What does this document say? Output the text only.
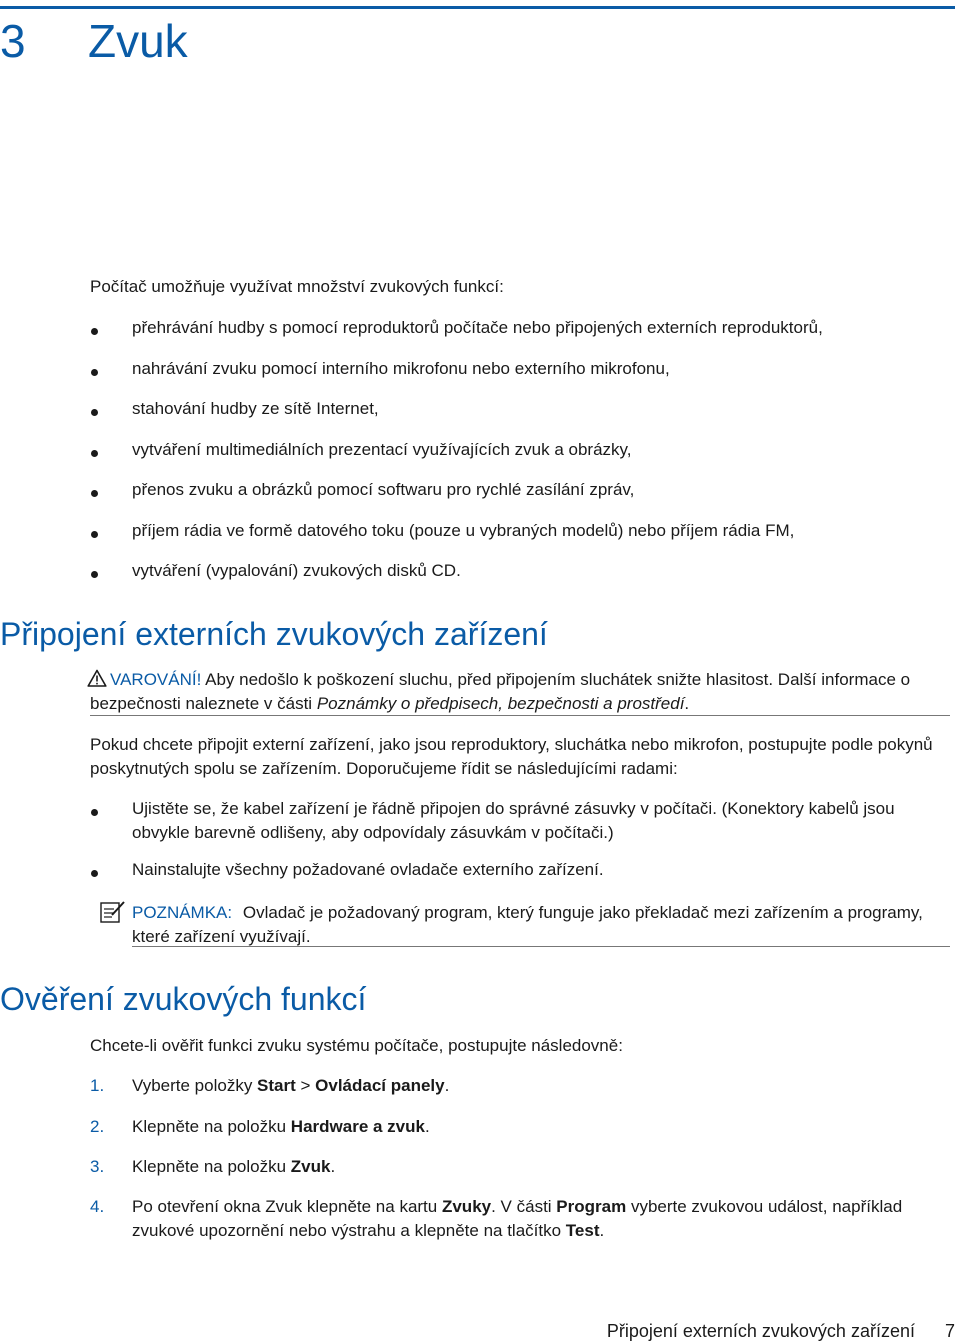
3 Zvuk

Počítač umožňuje využívat množství zvukových funkcí:

přehrávání hudby s pomocí reproduktorů počítače nebo připojených externích reproduktorů,
nahrávání zvuku pomocí interního mikrofonu nebo externího mikrofonu,
stahování hudby ze sítě Internet,
vytváření multimediálních prezentací využívajících zvuk a obrázky,
přenos zvuku a obrázků pomocí softwaru pro rychlé zasílání zpráv,
příjem rádia ve formě datového toku (pouze u vybraných modelů) nebo příjem rádia FM,
vytváření (vypalování) zvukových disků CD.
Připojení externích zvukových zařízení
VAROVÁNÍ! Aby nedošlo k poškození sluchu, před připojením sluchátek snižte hlasitost. Další informace o bezpečnosti naleznete v části Poznámky o předpisech, bezpečnosti a prostředí.

Pokud chcete připojit externí zařízení, jako jsou reproduktory, sluchátka nebo mikrofon, postupujte podle pokynů poskytnutých spolu se zařízením. Doporučujeme řídit se následujícími radami:

Ujistěte se, že kabel zařízení je řádně připojen do správné zásuvky v počítači. (Konektory kabelů jsou obvykle barevně odlišeny, aby odpovídaly zásuvkám v počítači.)
Nainstalujte všechny požadované ovladače externího zařízení.
POZNÁMKA: Ovladač je požadovaný program, který funguje jako překladač mezi zařízením a programy, které zařízení využívají.
Ověření zvukových funkcí

Chcete-li ověřit funkci zvuku systému počítače, postupujte následovně:

1.	Vyberte položky Start > Ovládací panely.
2.	Klepněte na položku Hardware a zvuk.
3.	Klepněte na položku Zvuk.
4.	Po otevření okna Zvuk klepněte na kartu Zvuky. V části Program vyberte zvukovou událost, například zvukové upozornění nebo výstrahu a klepněte na tlačítko Test.
Připojení externích zvukových zařízení 7
